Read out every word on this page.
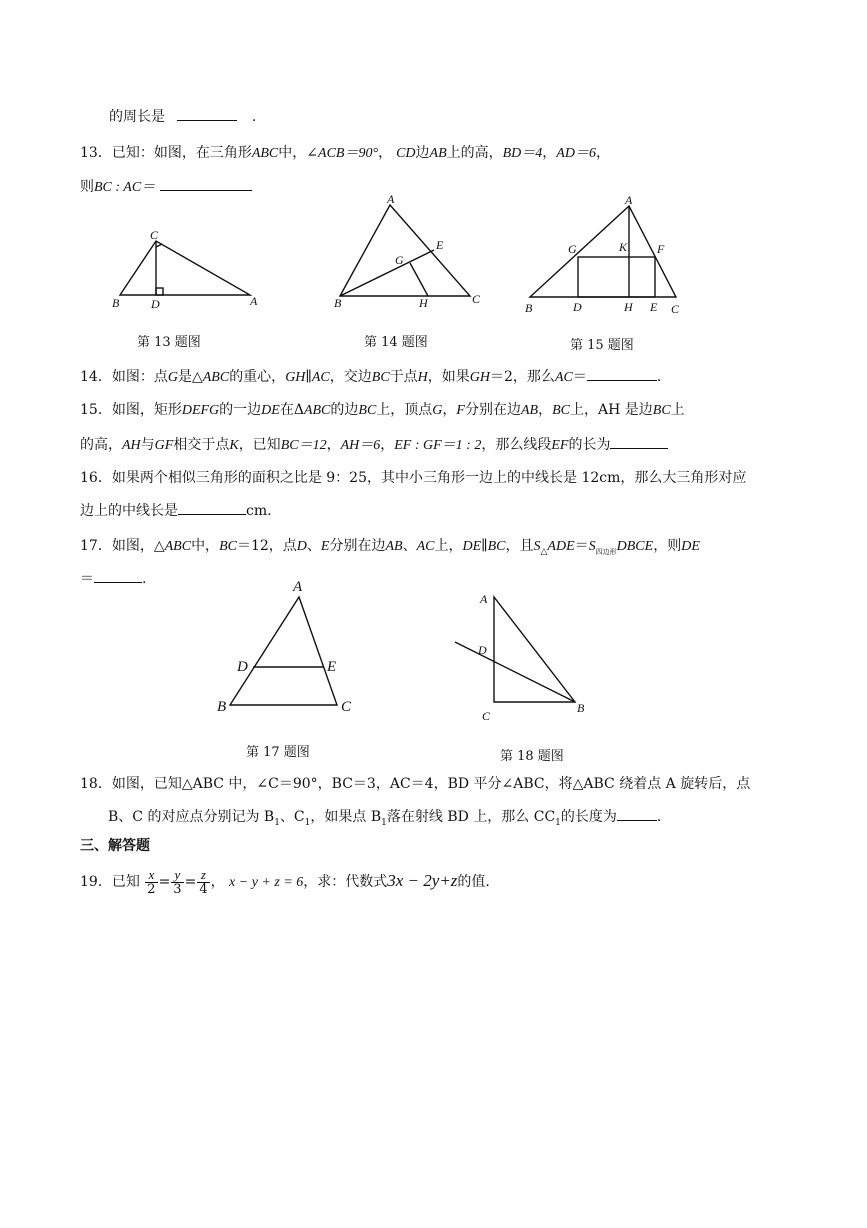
的周长是	.
13．已知：如图，在三角形ABC中，∠ACB＝90°， CD边AB上的高，BD＝4，AD＝6，
则BC : AC＝
C
B	D	A
第 13 题图
A
E
G
B	H	C
第 14 题图
A
G	K F
B	D	H E C
第 15 题图
14．如图：点G是△ABC的重心，GH∥AC，交边BC于点H，如果GH＝2，那么AC＝	.
15．如图，矩形DEFG的一边DE在ΔABC的边BC上，顶点G，F分别在边AB，BC上，AH 是边BC上
的高，AH与GF相交于点K，已知BC＝12，AH＝6，EF : GF＝1 : 2，那么线段EF的长为
16．如果两个相似三角形的面积之比是 9：25，其中小三角形一边上的中线长是 12cm，那么大三角形对应
边上的中线长是	cm.
17．如图，△ABC中，BC＝12，点D、E分别在边AB、AC上，DE∥BC，且$S_\triangle ADE=S_{四边形}DBCE$，则DE
＝	.	A
D	E
B	C
第 17 题图
A
D
C
B
第 18 题图
18．如图，已知△ABC 中，∠C＝90°，BC＝3，AC＝4，BD 平分∠ABC，将△ABC 绕着点 A 旋转后，点
B、C 的对应点分别记为 $B_1$、$C_1$，如果点 $B_1$落在射线 BD 上，那么 $CC_1$的长度为	.
三、解答题
19．已知 $\frac{x}{2} = \frac{y}{3} = \frac{z}{4}$ ， x − y + z = 6，求：代数式3x − 2y+z的值.
